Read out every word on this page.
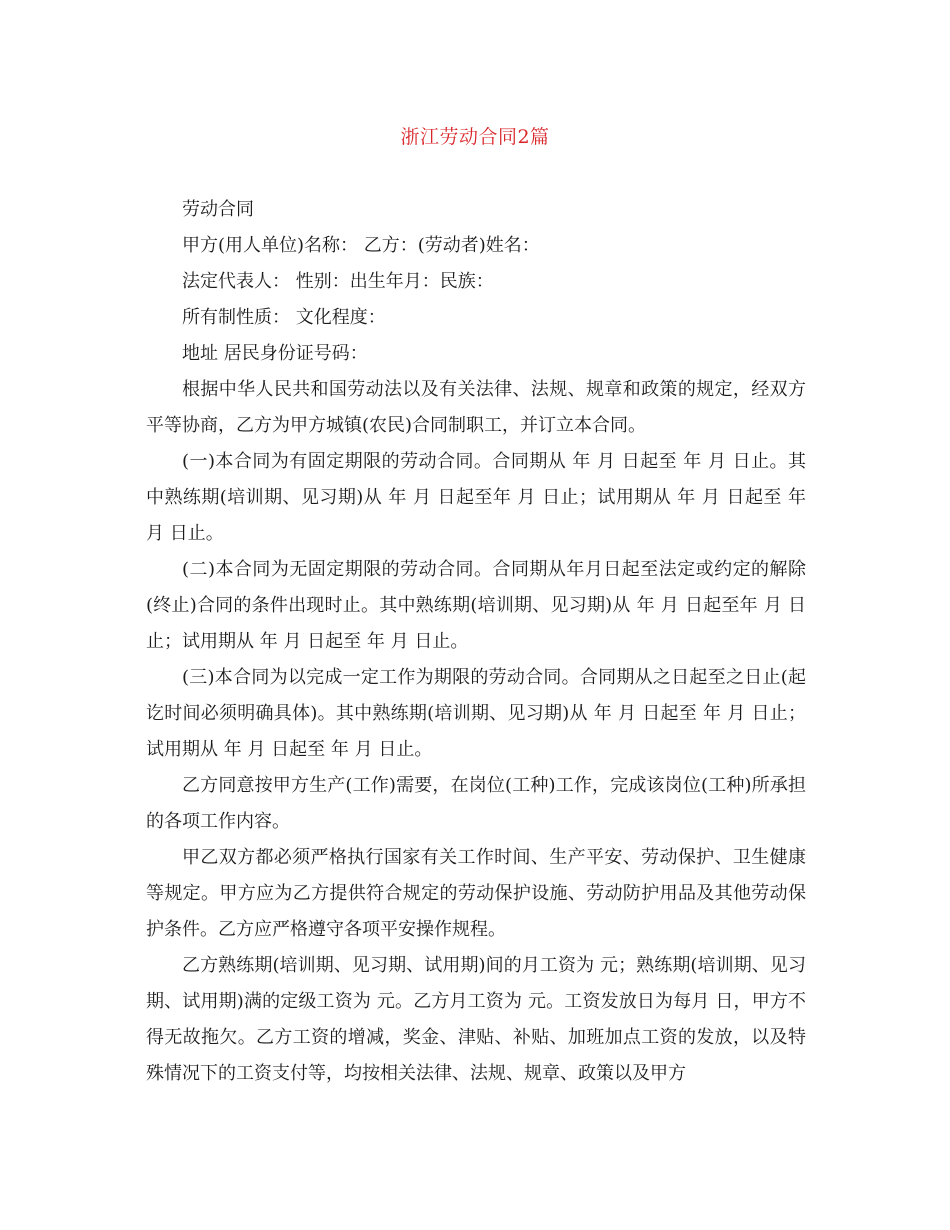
浙江劳动合同2篇

劳动合同

甲方(用人单位)名称： 乙方：(劳动者)姓名：

法定代表人： 性别：出生年月：民族：

所有制性质： 文化程度：

地址 居民身份证号码：

根据中华人民共和国劳动法以及有关法律、法规、规章和政策的规定，经双方平等协商，乙方为甲方城镇(农民)合同制职工，并订立本合同。

(一)本合同为有固定期限的劳动合同。合同期从 年 月 日起至 年 月 日止。其中熟练期(培训期、见习期)从 年 月 日起至年 月 日止；试用期从 年 月 日起至 年 月 日止。

(二)本合同为无固定期限的劳动合同。合同期从年月日起至法定或约定的解除(终止)合同的条件出现时止。其中熟练期(培训期、见习期)从 年 月 日起至年 月 日止；试用期从 年 月 日起至 年 月 日止。

(三)本合同为以完成一定工作为期限的劳动合同。合同期从之日起至之日止(起讫时间必须明确具体)。其中熟练期(培训期、见习期)从 年 月 日起至 年 月 日止；试用期从 年 月 日起至 年 月 日止。

乙方同意按甲方生产(工作)需要，在岗位(工种)工作，完成该岗位(工种)所承担的各项工作内容。

甲乙双方都必须严格执行国家有关工作时间、生产平安、劳动保护、卫生健康等规定。甲方应为乙方提供符合规定的劳动保护设施、劳动防护用品及其他劳动保护条件。乙方应严格遵守各项平安操作规程。

乙方熟练期(培训期、见习期、试用期)间的月工资为 元；熟练期(培训期、见习期、试用期)满的定级工资为 元。乙方月工资为 元。工资发放日为每月 日，甲方不得无故拖欠。乙方工资的增减，奖金、津贴、补贴、加班加点工资的发放，以及特殊情况下的工资支付等，均按相关法律、法规、规章、政策以及甲方
